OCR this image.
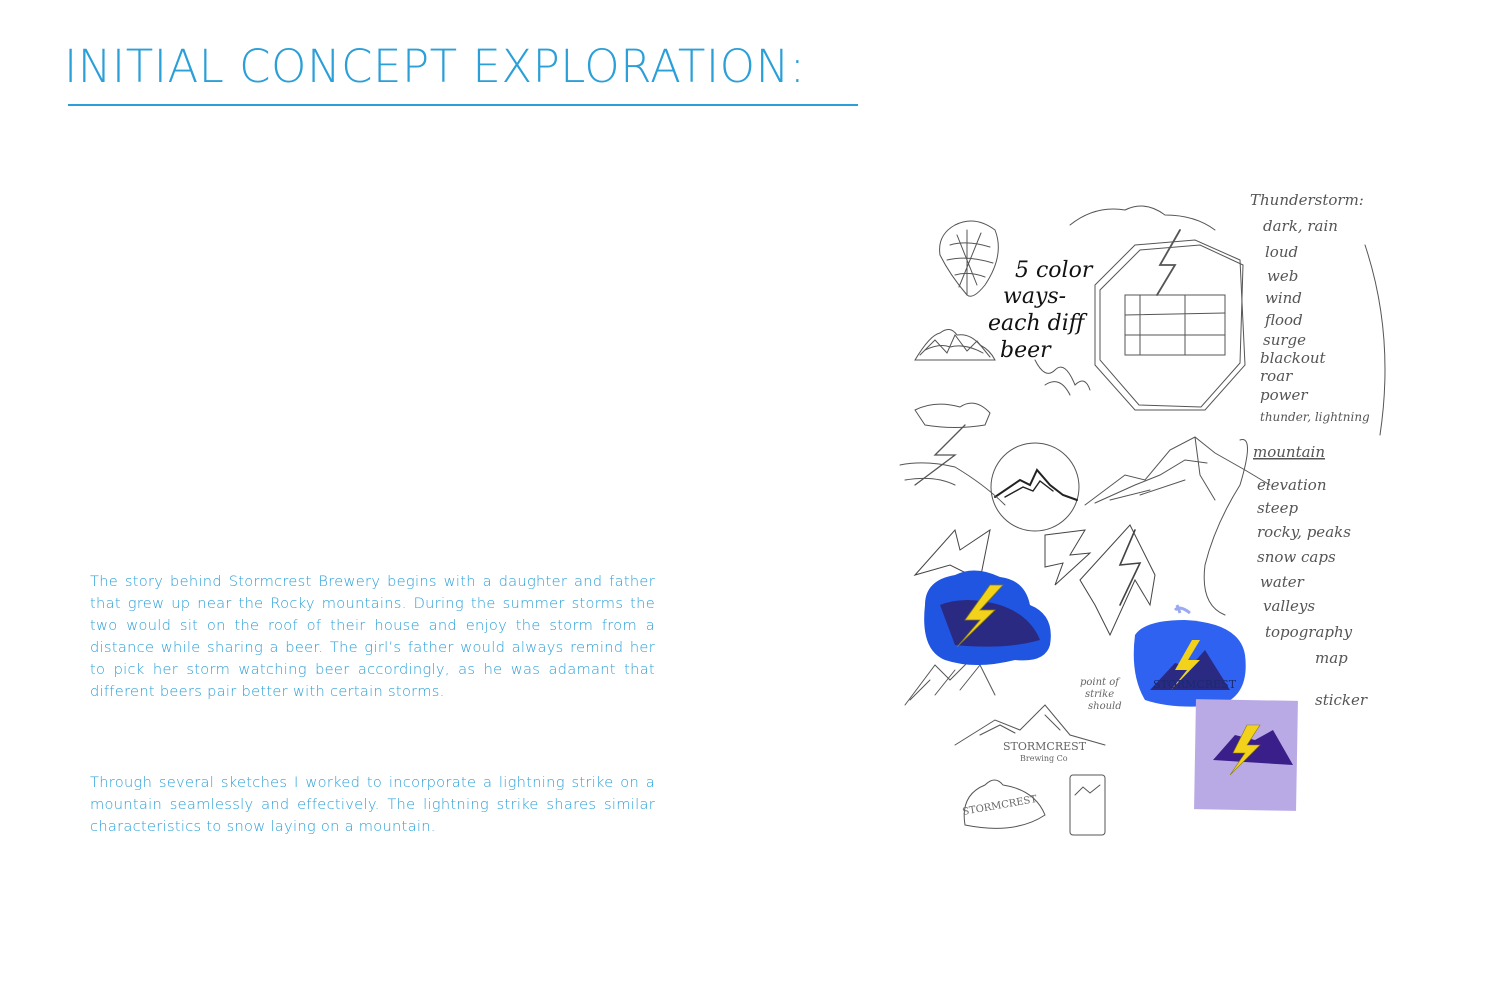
INITIAL CONCEPT EXPLORATION:

The story behind Stormcrest Brewery begins with a daughter and father that grew up near the Rocky mountains. During the summer storms the two would sit on the roof of their house and enjoy the storm from a distance while sharing a beer. The girl’s father would always remind her to pick her storm watching beer accordingly, as he was adamant that different beers pair better with certain storms.

Through several sketches I worked to incorporate a lightning strike on a mountain seamlessly and effectively. The lightning strike shares similar characteristics to snow laying on a mountain.

5 color
ways-
each diff
beer
Thunderstorm:
dark, rain
loud
web
wind
flood
surge
blackout
roar
power
thunder, lightning
mountain
elevation
steep
rocky, peaks
snow caps
water
valleys
topography
map
sticker
point of
strike
should
STORMCREST
Brewing Co
STORMCREST
STORMCREST
